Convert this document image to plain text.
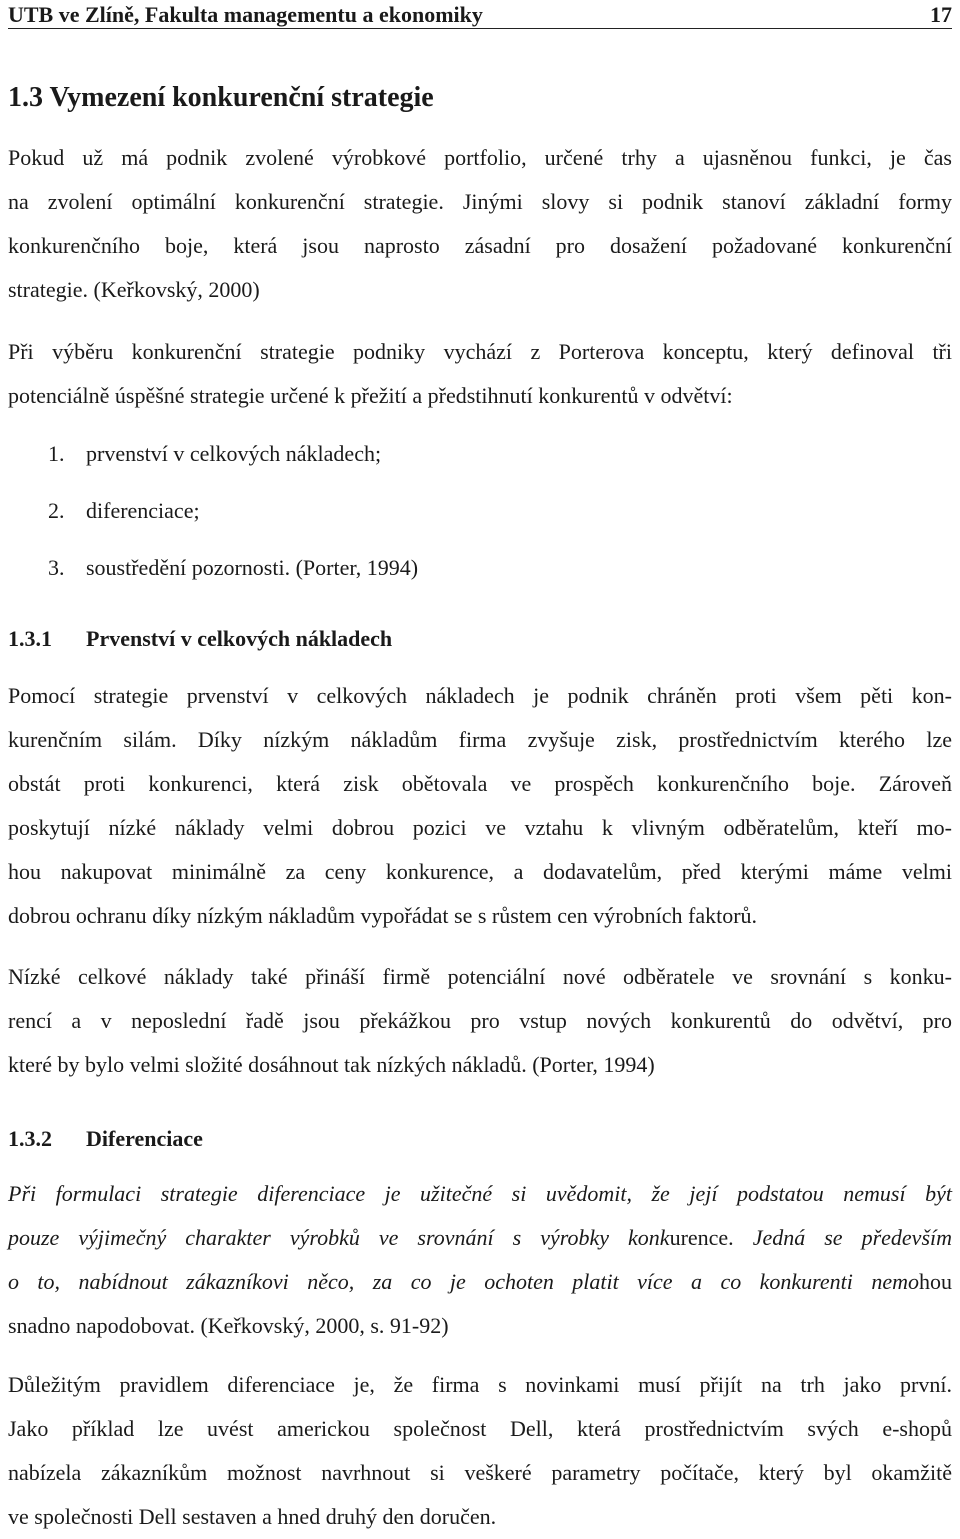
UTB ve Zlíně, Fakulta managementu a ekonomiky	17
1.3 Vymezení konkurenční strategie
Pokud už má podnik zvolené výrobkové portfolio, určené trhy a ujasněnou funkci, je čas
na zvolení optimální konkurenční strategie. Jinými slovy si podnik stanoví základní formy
konkurenčního boje, která jsou naprosto zásadní pro dosažení požadované konkurenční
strategie. (Keřkovský, 2000)
Při výběru konkurenční strategie podniky vychází z Porterova konceptu, který definoval tři
potenciálně úspěšné strategie určené k přežití a předstihnutí konkurentů v odvětví:
1. prvenství v celkových nákladech;
2. diferenciace;
3. soustředění pozornosti. (Porter, 1994)
1.3.1 Prvenství v celkových nákladech
Pomocí strategie prvenství v celkových nákladech je podnik chráněn proti všem pěti kon-
kurenčním silám. Díky nízkým nákladům firma zvyšuje zisk, prostřednictvím kterého lze
obstát proti konkurenci, která zisk obětovala ve prospěch konkurenčního boje. Zároveň
poskytují nízké náklady velmi dobrou pozici ve vztahu k vlivným odběratelům, kteří mo-
hou nakupovat minimálně za ceny konkurence, a dodavatelům, před kterými máme velmi
dobrou ochranu díky nízkým nákladům vypořádat se s růstem cen výrobních faktorů.
Nízké celkové náklady také přináší firmě potenciální nové odběratele ve srovnání s konku-
rencí a v neposlední řadě jsou překážkou pro vstup nových konkurentů do odvětví, pro
které by bylo velmi složité dosáhnout tak nízkých nákladů. (Porter, 1994)
1.3.2 Diferenciace
Při formulaci strategie diferenciace je užitečné si uvědomit, že její podstatou nemusí být
pouze výjimečný charakter výrobků ve srovnání s výrobky konkurence. Jedná se především
o to, nabídnout zákazníkovi něco, za co je ochoten platit více a co konkurenti nemohou
snadno napodobovat. (Keřkovský, 2000, s. 91-92)
Důležitým pravidlem diferenciace je, že firma s novinkami musí přijít na trh jako první.
Jako příklad lze uvést americkou společnost Dell, která prostřednictvím svých e-shopů
nabízela zákazníkům možnost navrhnout si veškeré parametry počítače, který byl okamžitě
ve společnosti Dell sestaven a hned druhý den doručen.
